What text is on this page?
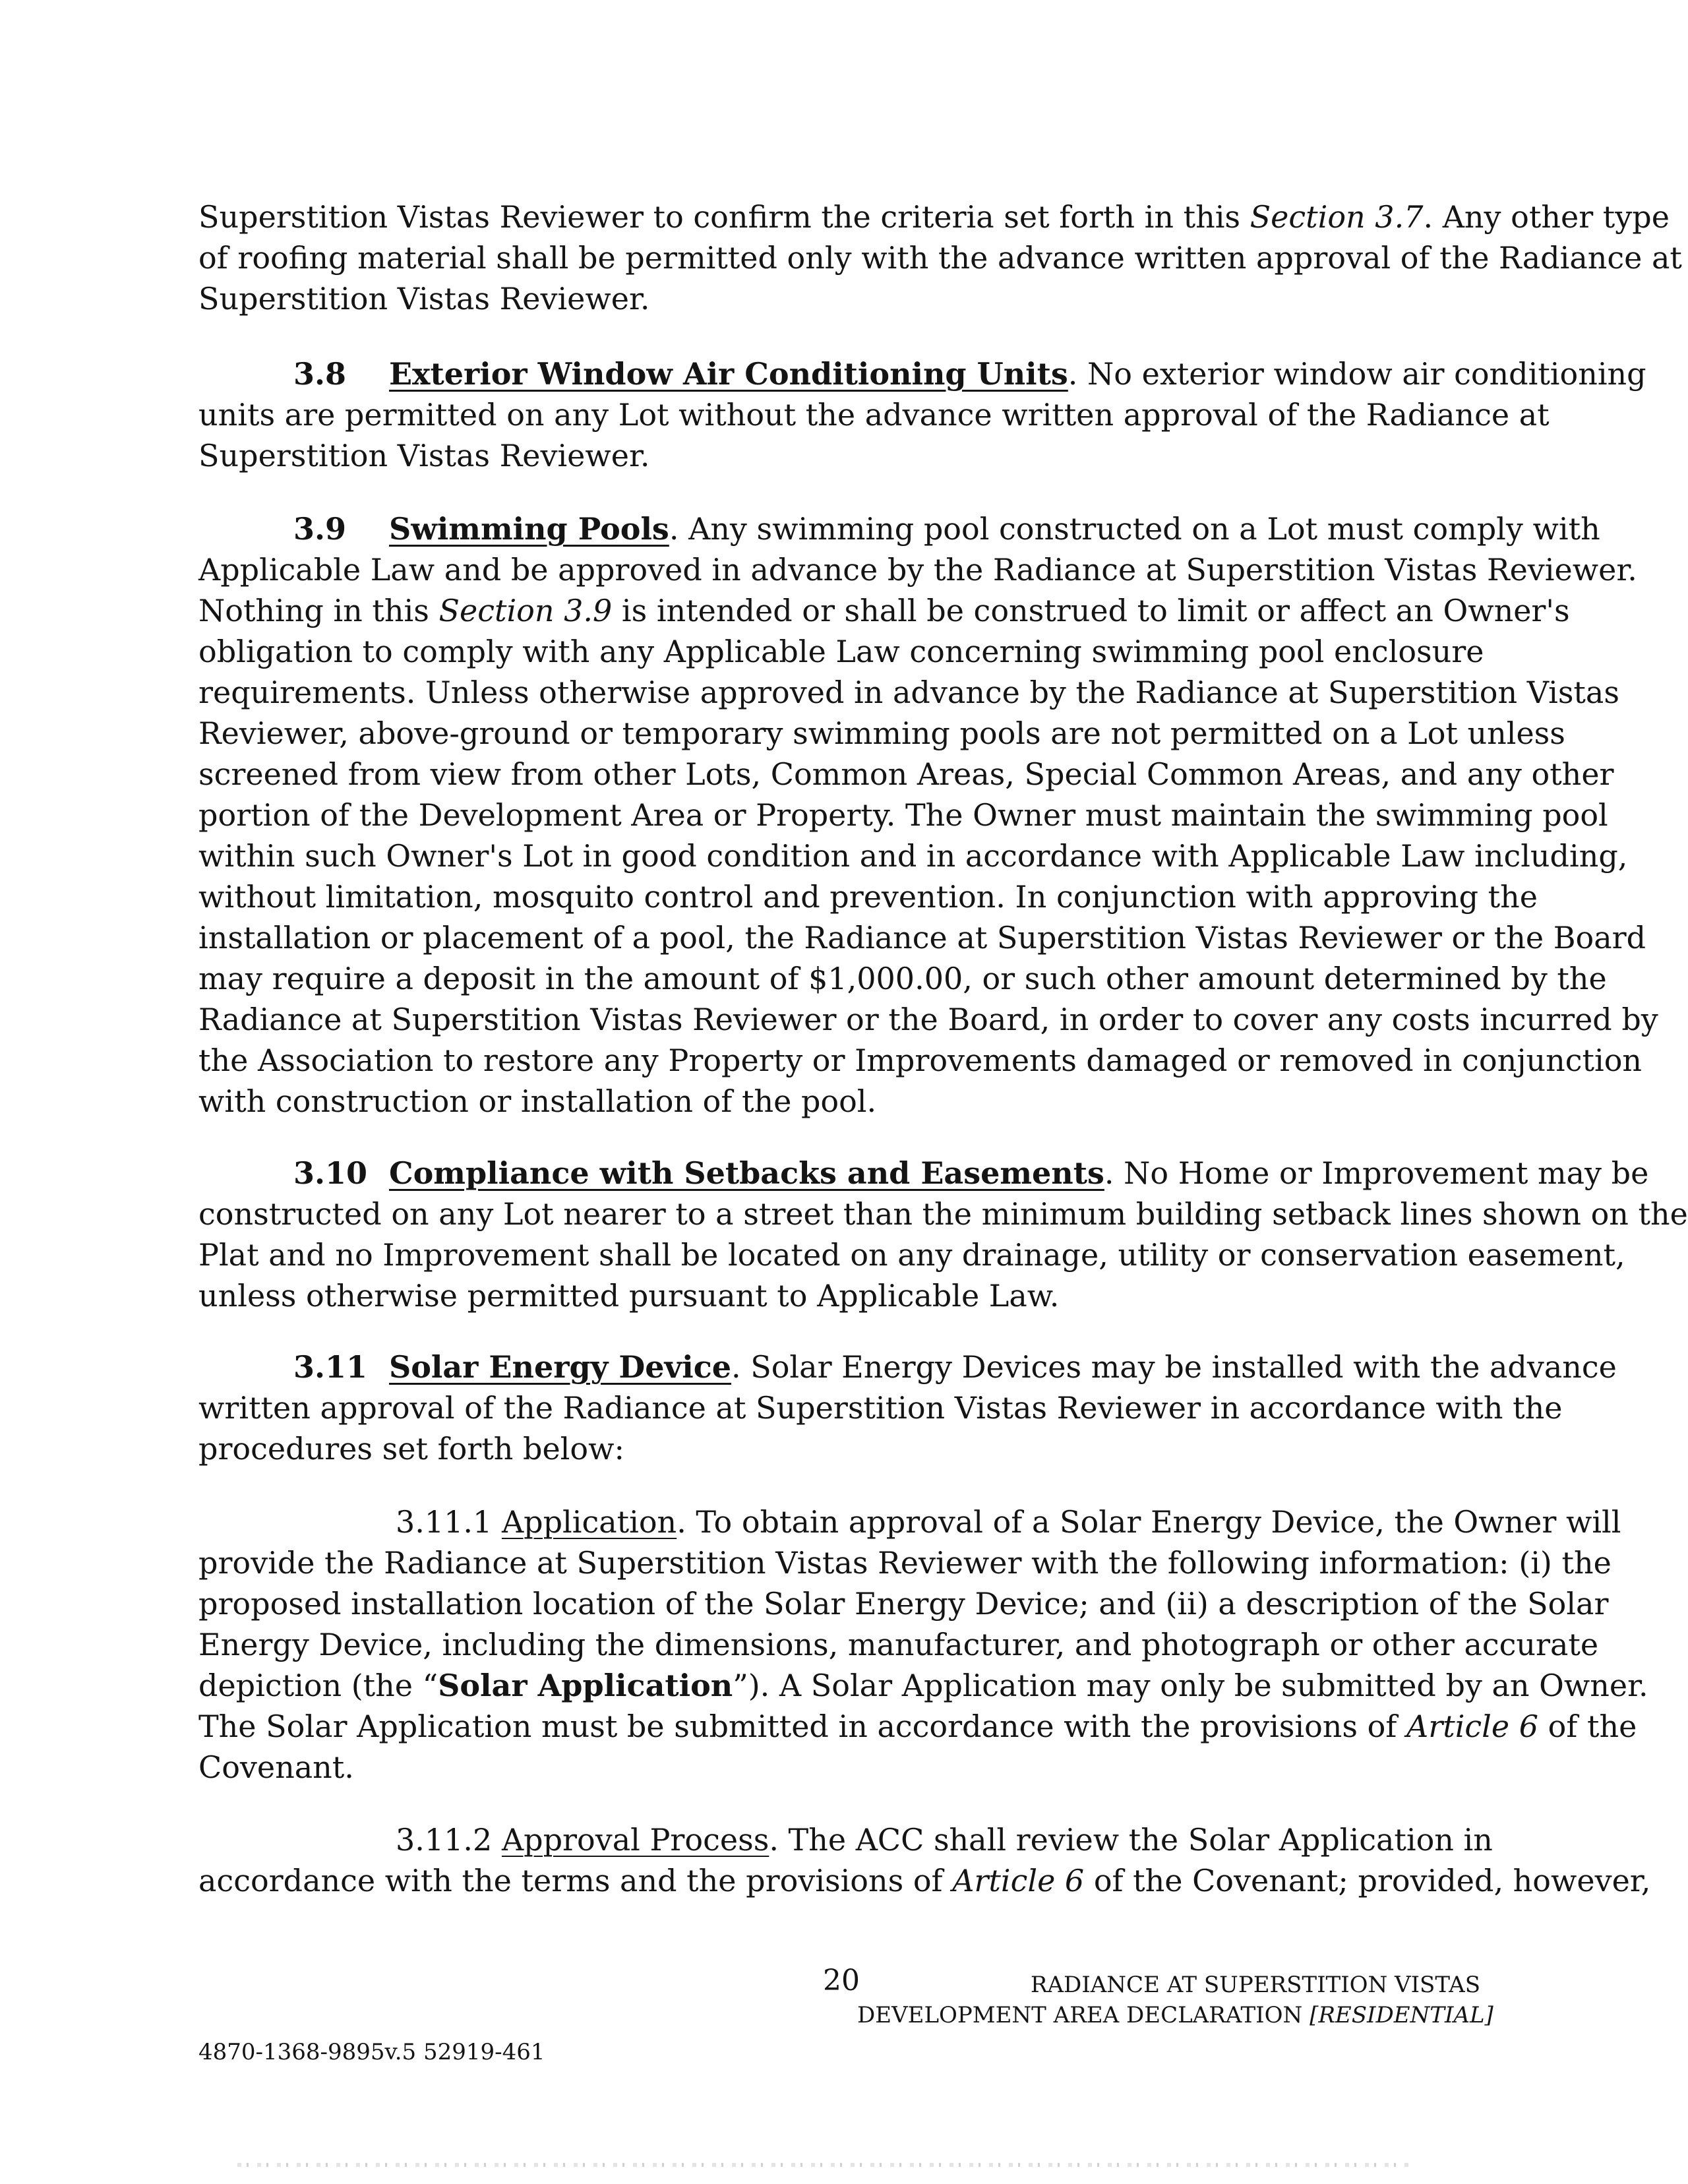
Superstition Vistas Reviewer to confirm the criteria set forth in this Section 3.7. Any other type
of roofing material shall be permitted only with the advance written approval of the Radiance at
Superstition Vistas Reviewer.
3.8 Exterior Window Air Conditioning Units. No exterior window air conditioning
units are permitted on any Lot without the advance written approval of the Radiance at
Superstition Vistas Reviewer.
3.9 Swimming Pools. Any swimming pool constructed on a Lot must comply with
Applicable Law and be approved in advance by the Radiance at Superstition Vistas Reviewer.
Nothing in this Section 3.9 is intended or shall be construed to limit or affect an Owner's
obligation to comply with any Applicable Law concerning swimming pool enclosure
requirements. Unless otherwise approved in advance by the Radiance at Superstition Vistas
Reviewer, above-ground or temporary swimming pools are not permitted on a Lot unless
screened from view from other Lots, Common Areas, Special Common Areas, and any other
portion of the Development Area or Property. The Owner must maintain the swimming pool
within such Owner's Lot in good condition and in accordance with Applicable Law including,
without limitation, mosquito control and prevention. In conjunction with approving the
installation or placement of a pool, the Radiance at Superstition Vistas Reviewer or the Board
may require a deposit in the amount of $1,000.00, or such other amount determined by the
Radiance at Superstition Vistas Reviewer or the Board, in order to cover any costs incurred by
the Association to restore any Property or Improvements damaged or removed in conjunction
with construction or installation of the pool.
3.10 Compliance with Setbacks and Easements. No Home or Improvement may be
constructed on any Lot nearer to a street than the minimum building setback lines shown on the
Plat and no Improvement shall be located on any drainage, utility or conservation easement,
unless otherwise permitted pursuant to Applicable Law.
3.11 Solar Energy Device. Solar Energy Devices may be installed with the advance
written approval of the Radiance at Superstition Vistas Reviewer in accordance with the
procedures set forth below:
3.11.1 Application. To obtain approval of a Solar Energy Device, the Owner will
provide the Radiance at Superstition Vistas Reviewer with the following information: (i) the
proposed installation location of the Solar Energy Device; and (ii) a description of the Solar
Energy Device, including the dimensions, manufacturer, and photograph or other accurate
depiction (the “Solar Application”). A Solar Application may only be submitted by an Owner.
The Solar Application must be submitted in accordance with the provisions of Article 6 of the
Covenant.
3.11.2 Approval Process. The ACC shall review the Solar Application in
accordance with the terms and the provisions of Article 6 of the Covenant; provided, however,
20	RADIANCE AT SUPERSTITION VISTAS
DEVELOPMENT AREA DECLARATION [RESIDENTIAL]
4870-1368-9895v.5 52919-461
